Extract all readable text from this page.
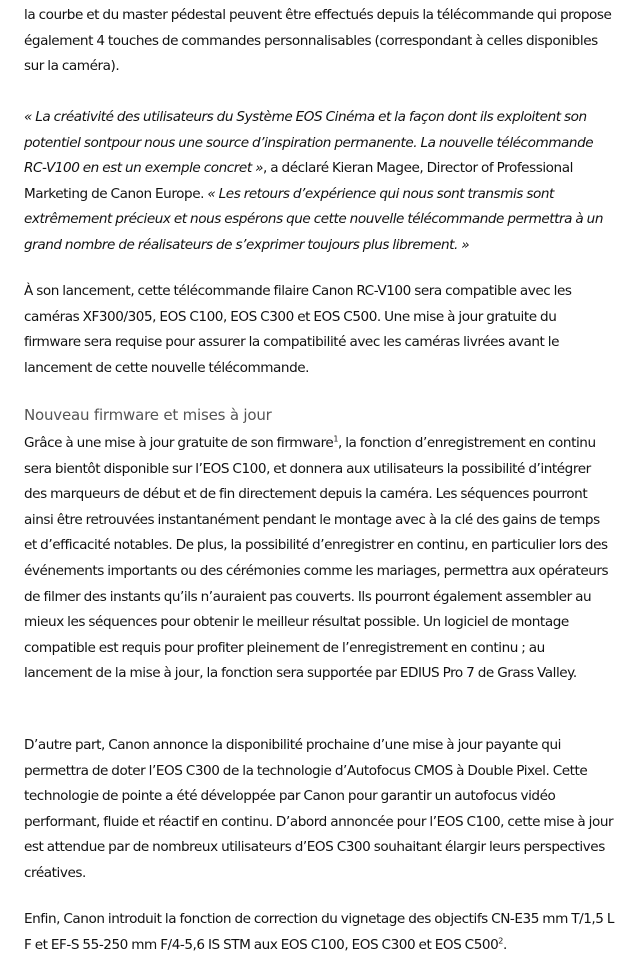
la courbe et du master pédestal peuvent être effectués depuis la télécommande qui propose également 4 touches de commandes personnalisables (correspondant à celles disponibles sur la caméra).

« La créativité des utilisateurs du Système EOS Cinéma et la façon dont ils exploitent son potentiel sontpour nous une source d’inspiration permanente. La nouvelle télécommande RC-V100 en est un exemple concret », a déclaré Kieran Magee, Director of Professional Marketing de Canon Europe. « Les retours d’expérience qui nous sont transmis sont extrêmement précieux et nous espérons que cette nouvelle télécommande permettra à un grand nombre de réalisateurs de s’exprimer toujours plus librement. »

À son lancement, cette télécommande filaire Canon RC-V100 sera compatible avec les caméras XF300/305, EOS C100, EOS C300 et EOS C500. Une mise à jour gratuite du firmware sera requise pour assurer la compatibilité avec les caméras livrées avant le lancement de cette nouvelle télécommande.

Nouveau firmware et mises à jour

Grâce à une mise à jour gratuite de son firmware$^1$, la fonction d’enregistrement en continu sera bientôt disponible sur l’EOS C100, et donnera aux utilisateurs la possibilité d’intégrer des marqueurs de début et de fin directement depuis la caméra. Les séquences pourront ainsi être retrouvées instantanément pendant le montage avec à la clé des gains de temps et d’efficacité notables. De plus, la possibilité d’enregistrer en continu, en particulier lors des événements importants ou des cérémonies comme les mariages, permettra aux opérateurs de filmer des instants qu’ils n’auraient pas couverts. Ils pourront également assembler au mieux les séquences pour obtenir le meilleur résultat possible. Un logiciel de montage compatible est requis pour profiter pleinement de l’enregistrement en continu ; au lancement de la mise à jour, la fonction sera supportée par EDIUS Pro 7 de Grass Valley.

D’autre part, Canon annonce la disponibilité prochaine d’une mise à jour payante qui permettra de doter l’EOS C300 de la technologie d’Autofocus CMOS à Double Pixel. Cette technologie de pointe a été développée par Canon pour garantir un autofocus vidéo performant, fluide et réactif en continu. D’abord annoncée pour l’EOS C100, cette mise à jour est attendue par de nombreux utilisateurs d’EOS C300 souhaitant élargir leurs perspectives créatives.

Enfin, Canon introduit la fonction de correction du vignetage des objectifs CN-E35 mm T/1,5 L F et EF-S 55-250 mm F/4-5,6 IS STM aux EOS C100, EOS C300 et EOS $C500^2$.
